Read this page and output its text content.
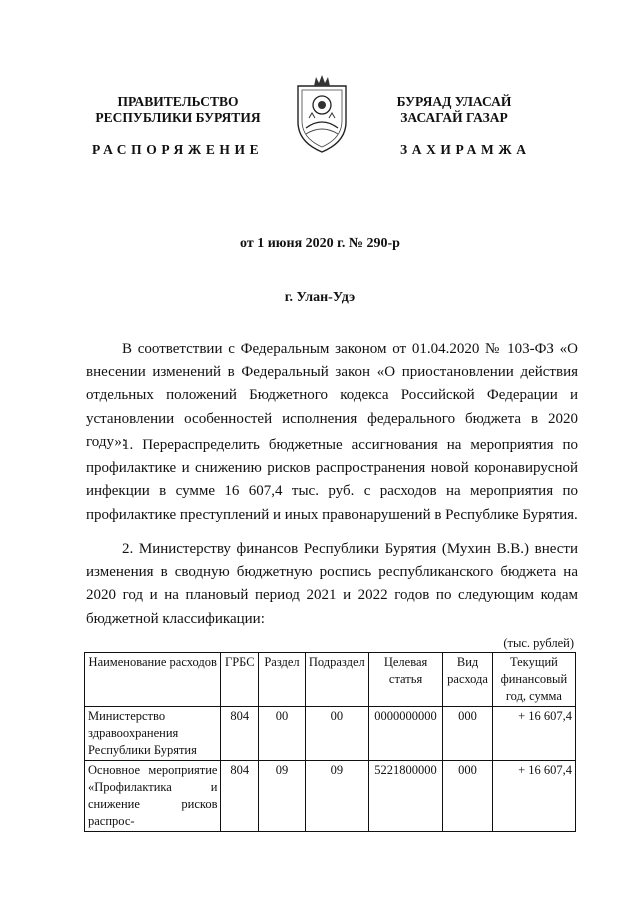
ПРАВИТЕЛЬСТВО
РЕСПУБЛИКИ БУРЯТИЯ
БУРЯАД УЛАСАЙ
ЗАСАГАЙ ГАЗАР
РАСПОРЯЖЕНИЕ	ЗАХИРАМЖА
от 1 июня 2020 г. № 290-р
г. Улан-Удэ

В соответствии с Федеральным законом от 01.04.2020 № 103-ФЗ «О внесении изменений в Федеральный закон «О приостановлении действия отдельных положений Бюджетного кодекса Российской Федерации и установлении особенностей исполнения федерального бюджета в 2020 году»:

1. Перераспределить бюджетные ассигнования на мероприятия по профилактике и снижению рисков распространения новой коронавирусной инфекции в сумме 16 607,4 тыс. руб. с расходов на мероприятия по профилактике преступлений и иных правонарушений в Республике Бурятия.

2. Министерству финансов Республики Бурятия (Мухин В.В.) внести изменения в сводную бюджетную роспись республиканского бюджета на 2020 год и на плановый период 2021 и 2022 годов по следующим кодам бюджетной классификации:

(тыс. рублей)
Наименование расходов	ГРБС	Раздел	Подраздел	Целевая статья	Вид расхода	Текущий финансовый год, сумма
Министерство здравоохранения Республики Бурятия	804	00	00	0000000000	000	+ 16 607,4
Основное мероприятие «Профилактика и снижение рисков распрос-	804	09	09	5221800000	000	+ 16 607,4
